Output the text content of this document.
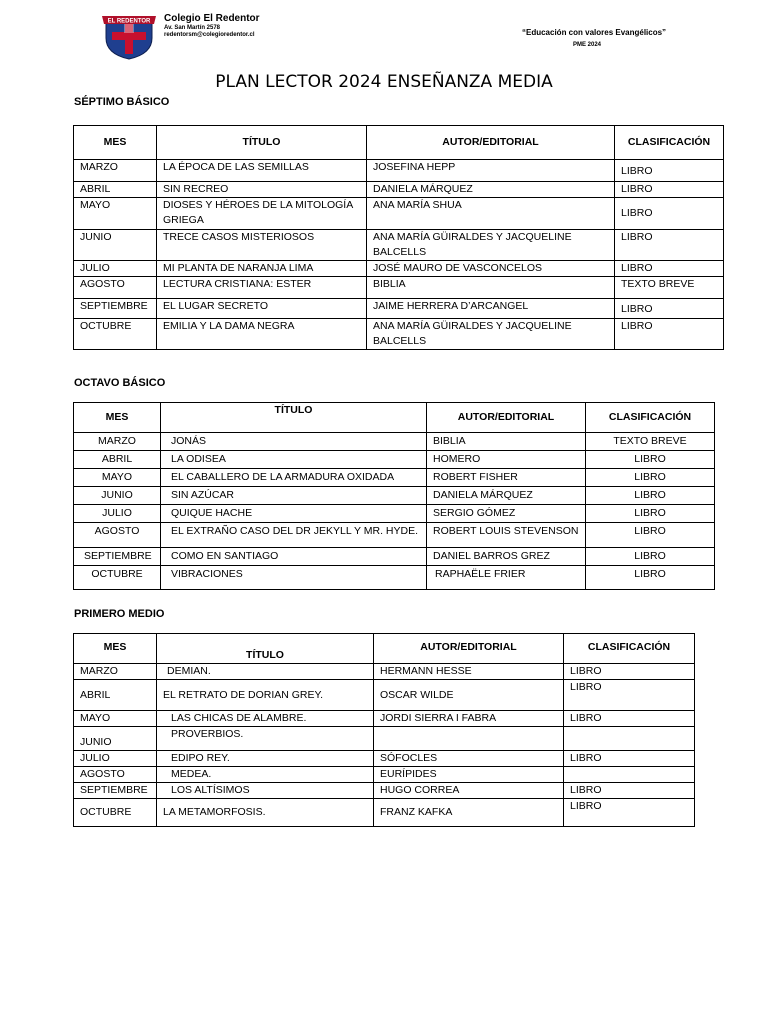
EL REDENTOR Colegio El Redentor
Av. San Martín 2578
redentorsm@colegioredentor.cl	“Educación con valores Evangélicos”
PME 2024
PLAN LECTOR 2024 ENSEÑANZA MEDIA
SÉPTIMO BÁSICO
MES	TÍTULO	AUTOR/EDITORIAL	CLASIFICACIÓN
MARZO	LA ÉPOCA DE LAS SEMILLAS	JOSEFINA HEPP	LIBRO
ABRIL	SIN RECREO	DANIELA MÁRQUEZ	LIBRO
MAYO	DIOSES Y HÉROES DE LA MITOLOGÍA GRIEGA	ANA MARÍA SHUA	LIBRO
JUNIO	TRECE CASOS MISTERIOSOS	ANA MARÍA GÜIRALDES Y JACQUELINE BALCELLS	LIBRO
JULIO	MI PLANTA DE NARANJA LIMA	JOSÉ MAURO DE VASCONCELOS	LIBRO
AGOSTO	LECTURA CRISTIANA: ESTER	BIBLIA	TEXTO BREVE
SEPTIEMBRE	EL LUGAR SECRETO	JAIME HERRERA D’ARCANGEL	LIBRO
OCTUBRE	EMILIA Y LA DAMA NEGRA	ANA MARÍA GÜIRALDES Y JACQUELINE BALCELLS	LIBRO
OCTAVO BÁSICO
MES	TÍTULO	AUTOR/EDITORIAL	CLASIFICACIÓN
MARZO	JONÁS	BIBLIA	TEXTO BREVE
ABRIL	LA ODISEA	HOMERO	LIBRO
MAYO	EL CABALLERO DE LA ARMADURA OXIDADA	ROBERT FISHER	LIBRO
JUNIO	SIN AZÚCAR	DANIELA MÁRQUEZ	LIBRO
JULIO	QUIQUE HACHE	SERGIO GÓMEZ	LIBRO
AGOSTO	EL EXTRAÑO CASO DEL DR JEKYLL Y MR. HYDE.	ROBERT LOUIS STEVENSON	LIBRO
SEPTIEMBRE	COMO EN SANTIAGO	DANIEL BARROS GREZ	LIBRO
OCTUBRE	VIBRACIONES	RAPHAËLE FRIER	LIBRO
PRIMERO MEDIO
MES	TÍTULO	AUTOR/EDITORIAL	CLASIFICACIÓN
MARZO	DEMIAN.	HERMANN HESSE	LIBRO
ABRIL	EL RETRATO DE DORIAN GREY.	OSCAR WILDE	LIBRO
MAYO	LAS CHICAS DE ALAMBRE.	JORDI SIERRA I FABRA	LIBRO
JUNIO	PROVERBIOS.		
JULIO	EDIPO REY.	SÓFOCLES	LIBRO
AGOSTO	MEDEA.	EURÍPIDES	
SEPTIEMBRE	LOS ALTÍSIMOS	HUGO CORREA	LIBRO
OCTUBRE	LA METAMORFOSIS.	FRANZ KAFKA	LIBRO
